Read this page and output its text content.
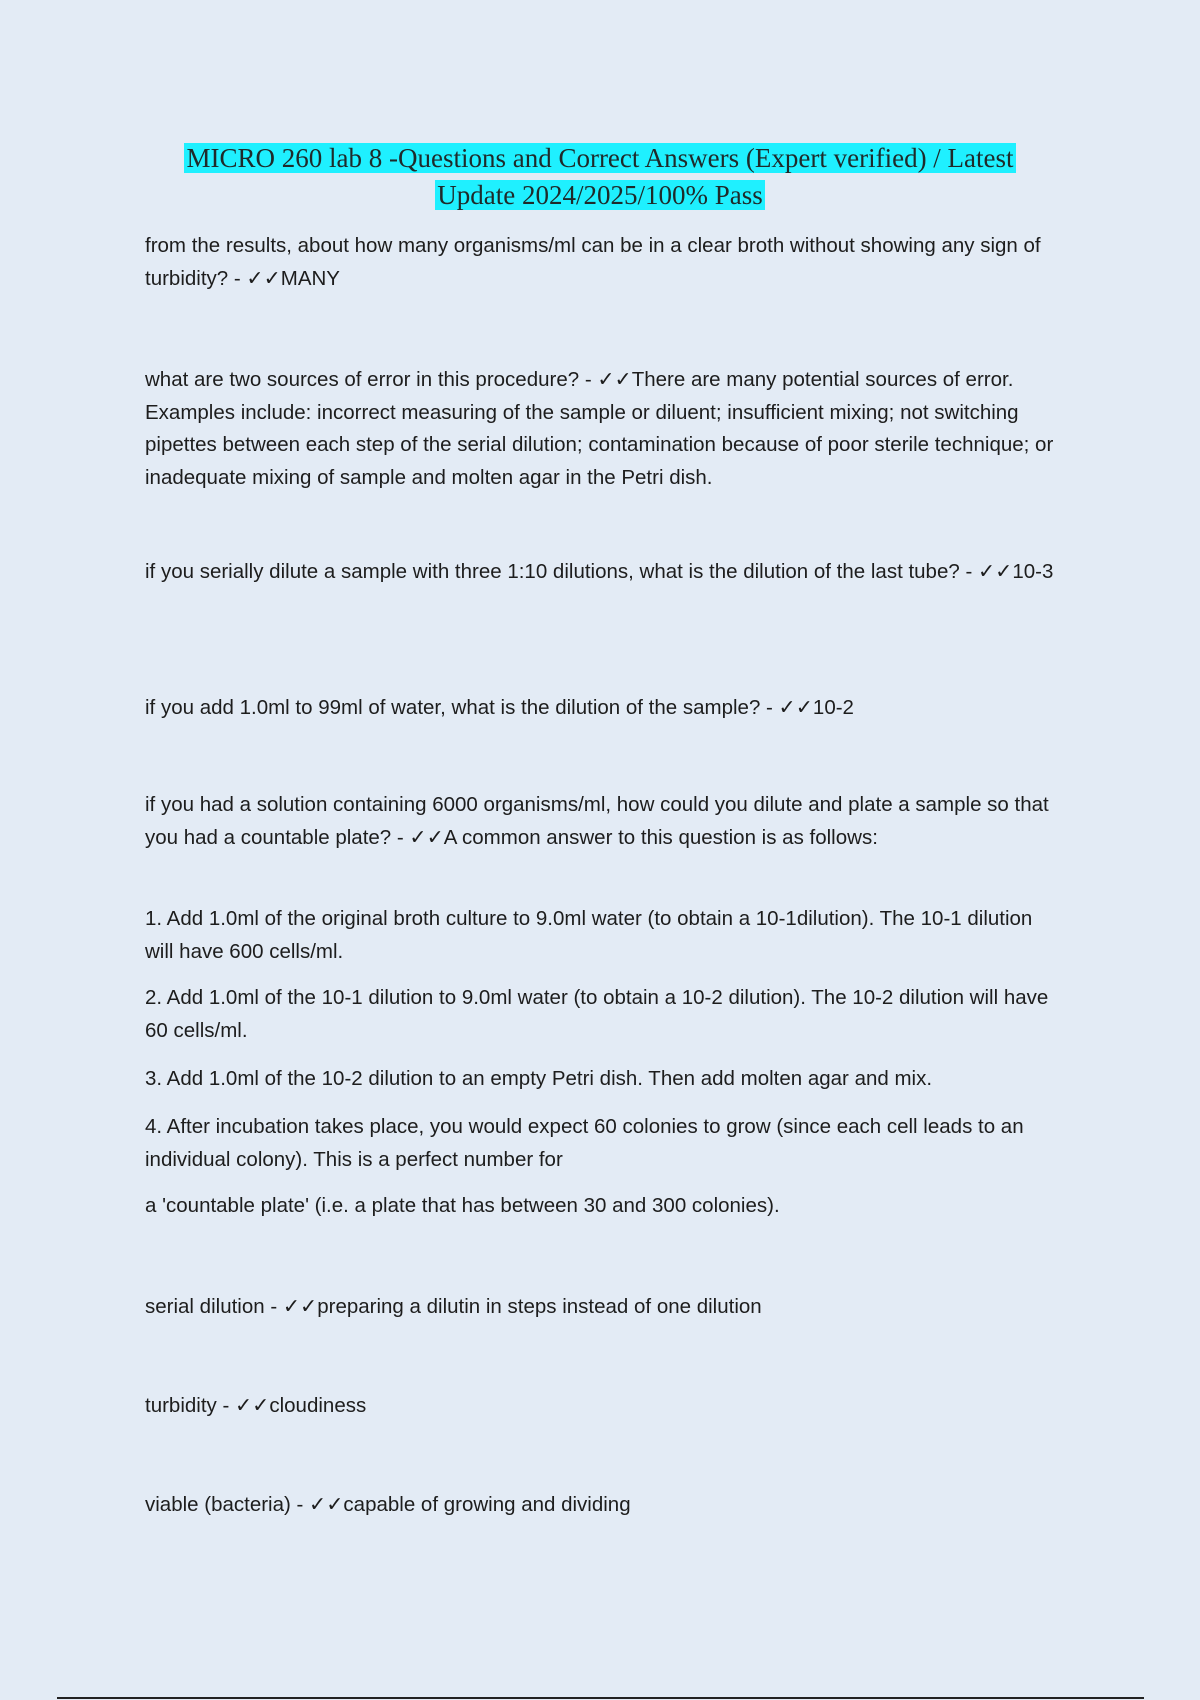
MICRO 260 lab 8 -Questions and Correct Answers (Expert verified) / Latest
Update 2024/2025/100% Pass

from the results, about how many organisms/ml can be in a clear broth without showing any sign of turbidity? - ✓✓MANY

what are two sources of error in this procedure? - ✓✓There are many potential sources of error. Examples include: incorrect measuring of the sample or diluent; insufficient mixing; not switching pipettes between each step of the serial dilution; contamination because of poor sterile technique; or inadequate mixing of sample and molten agar in the Petri dish.

if you serially dilute a sample with three 1:10 dilutions, what is the dilution of the last tube? - ✓✓10-3

if you add 1.0ml to 99ml of water, what is the dilution of the sample? - ✓✓10-2

if you had a solution containing 6000 organisms/ml, how could you dilute and plate a sample so that you had a countable plate? - ✓✓A common answer to this question is as follows:

1. Add 1.0ml of the original broth culture to 9.0ml water (to obtain a 10-1dilution). The 10-1 dilution will have 600 cells/ml.

2. Add 1.0ml of the 10-1 dilution to 9.0ml water (to obtain a 10-2 dilution). The 10-2 dilution will have 60 cells/ml.

3. Add 1.0ml of the 10-2 dilution to an empty Petri dish. Then add molten agar and mix.

4. After incubation takes place, you would expect 60 colonies to grow (since each cell leads to an individual colony). This is a perfect number for

a 'countable plate' (i.e. a plate that has between 30 and 300 colonies).

serial dilution - ✓✓preparing a dilutin in steps instead of one dilution

turbidity - ✓✓cloudiness

viable (bacteria) - ✓✓capable of growing and dividing
